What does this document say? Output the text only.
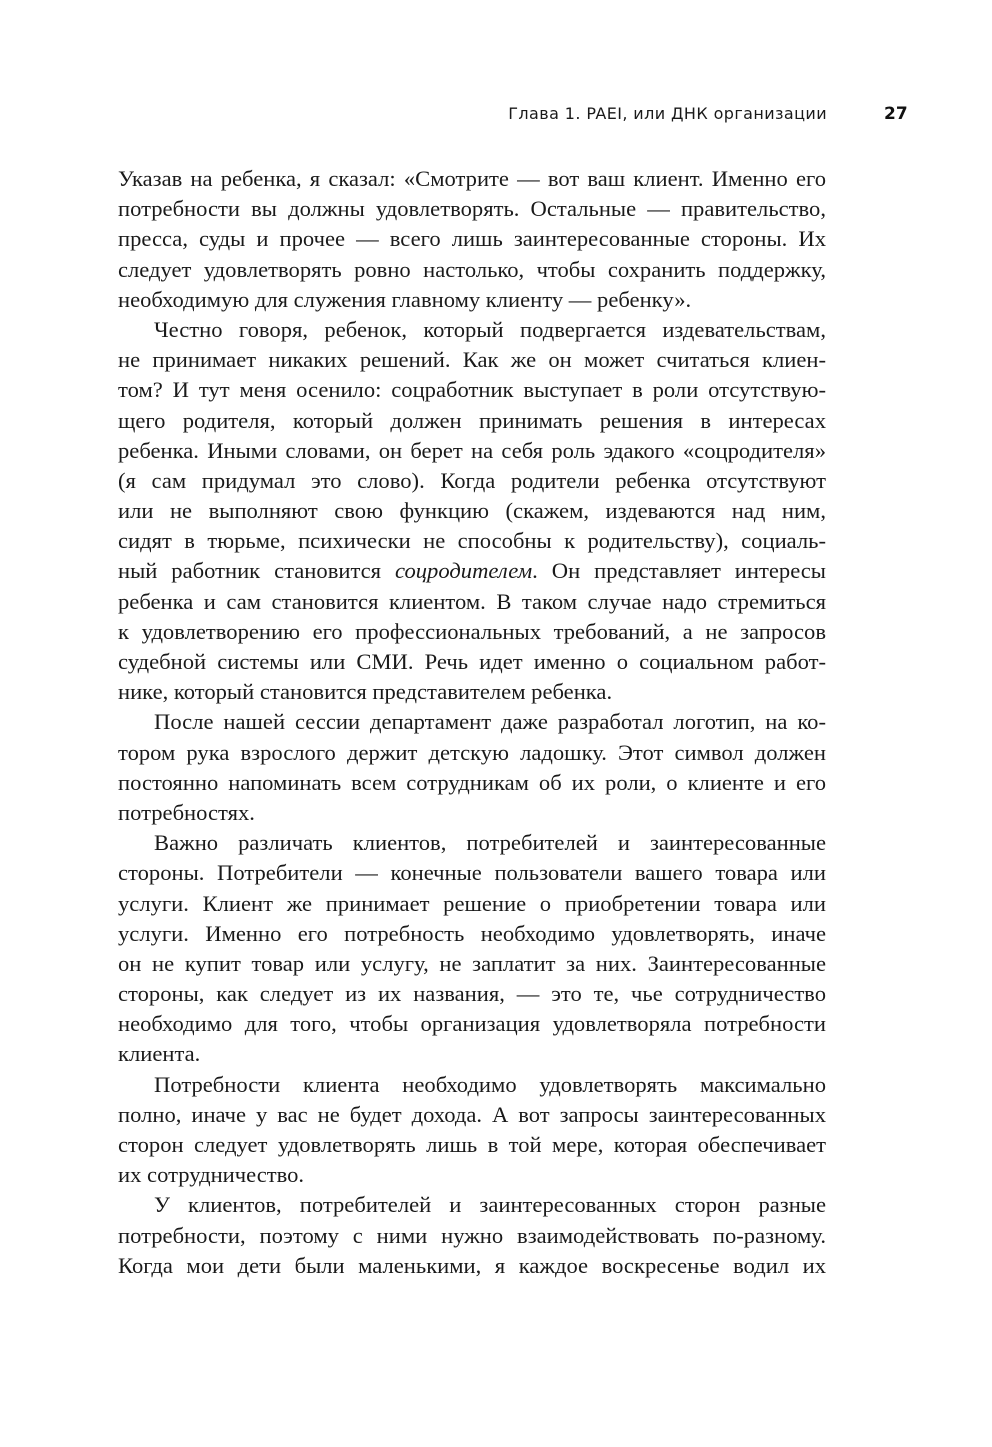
Глава 1. PAEI, или ДНК организации	27
Указав на ребенка, я сказал: «Смотрите — вот ваш клиент. Именно его
потребности вы должны удовлетворять. Остальные — правительство,
пресса, суды и прочее — всего лишь заинтересованные стороны. Их
следует удовлетворять ровно настолько, чтобы сохранить поддержку,
необходимую для служения главному клиенту — ребенку».
Честно говоря, ребенок, который подвергается издевательствам,
не принимает никаких решений. Как же он может считаться клиен-
том? И тут меня осенило: соцработник выступает в роли отсутствую-
щего родителя, который должен принимать решения в интересах
ребенка. Иными словами, он берет на себя роль эдакого «соцродителя»
(я сам придумал это слово). Когда родители ребенка отсутствуют
или не выполняют свою функцию (скажем, издеваются над ним,
сидят в тюрьме, психически не способны к родительству), социаль-
ный работник становится соцродителем. Он представляет интересы
ребенка и сам становится клиентом. В таком случае надо стремиться
к удовлетворению его профессиональных требований, а не запросов
судебной системы или СМИ. Речь идет именно о социальном работ-
нике, который становится представителем ребенка.
После нашей сессии департамент даже разработал логотип, на ко-
тором рука взрослого держит детскую ладошку. Этот символ должен
постоянно напоминать всем сотрудникам об их роли, о клиенте и его
потребностях.
Важно различать клиентов, потребителей и заинтересованные
стороны. Потребители — конечные пользователи вашего товара или
услуги. Клиент же принимает решение о приобретении товара или
услуги. Именно его потребность необходимо удовлетворять, иначе
он не купит товар или услугу, не заплатит за них. Заинтересованные
стороны, как следует из их названия, — это те, чье сотрудничество
необходимо для того, чтобы организация удовлетворяла потребности
клиента.
Потребности клиента необходимо удовлетворять максимально
полно, иначе у вас не будет дохода. А вот запросы заинтересованных
сторон следует удовлетворять лишь в той мере, которая обеспечивает
их сотрудничество.
У клиентов, потребителей и заинтересованных сторон разные
потребности, поэтому с ними нужно взаимодействовать по-разному.
Когда мои дети были маленькими, я каждое воскресенье водил их
